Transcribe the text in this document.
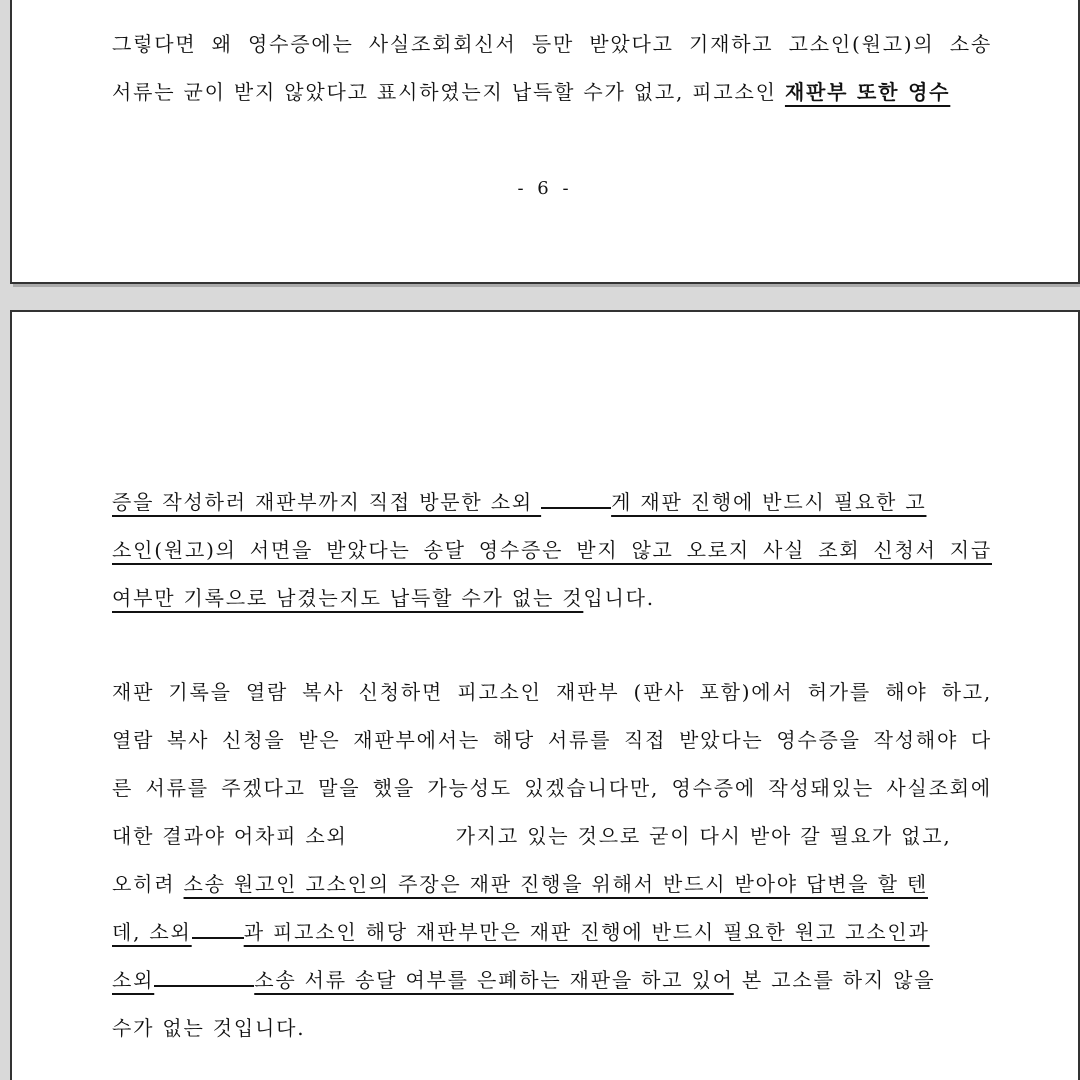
그렇다면 왜 영수증에는 사실조회회신서 등만 받았다고 기재하고 고소인(원고)의 소송
서류는 균이 받지 않았다고 표시하였는지 납득할 수가 없고, 피고소인 재판부 또한 영수
- 6 -
증을 작성하러 재판부까지 직접 방문한 소외	게 재판 진행에 반드시 필요한 고
소인(원고)의 서면을 받았다는 송달 영수증은 받지 않고 오로지 사실 조회 신청서 지급
여부만 기록으로 남겼는지도 납득할 수가 없는 것입니다.
재판 기록을 열람 복사 신청하면 피고소인 재판부 (판사 포함)에서 허가를 해야 하고,
열람 복사 신청을 받은 재판부에서는 해당 서류를 직접 받았다는 영수증을 작성해야 다
른 서류를 주겠다고 말을 했을 가능성도 있겠습니다만, 영수증에 작성돼있는 사실조회에
대한 결과야 어차피 소외	가지고 있는 것으로 굳이 다시 받아 갈 필요가 없고,
오히려 소송 원고인 고소인의 주장은 재판 진행을 위해서 반드시 받아야 답변을 할 텐
데, 소외	과 피고소인 해당 재판부만은 재판 진행에 반드시 필요한 원고 고소인과
소외	소송 서류 송달 여부를 은폐하는 재판을 하고 있어 본 고소를 하지 않을
수가 없는 것입니다.
